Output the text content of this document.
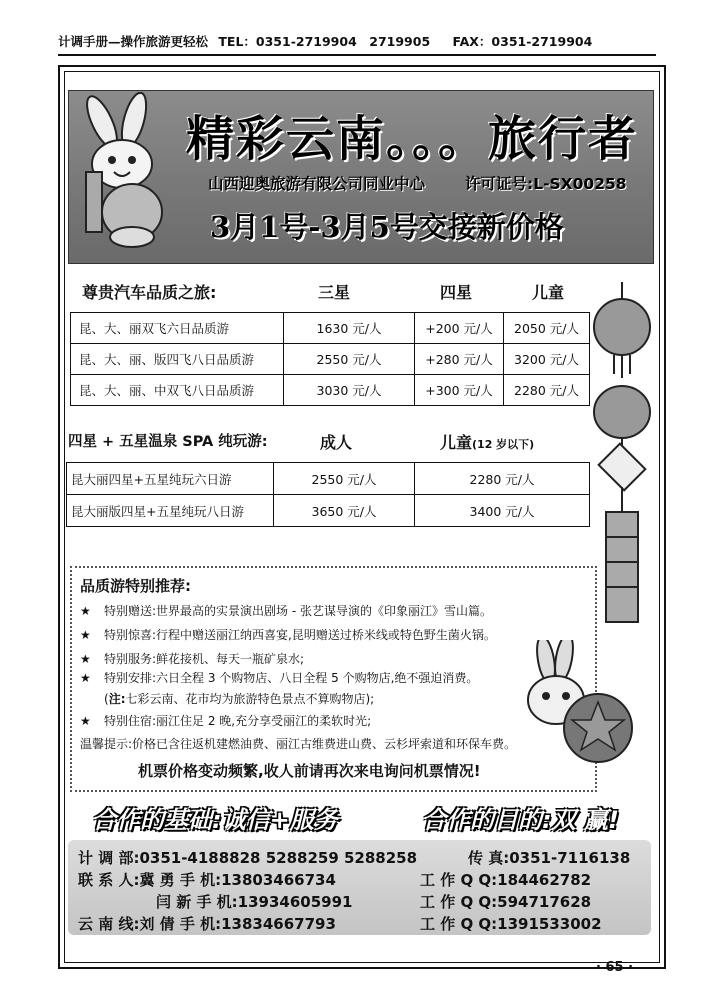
计调手册—操作旅游更轻松 TEL：0351-2719904　2719905 FAX：0351-2719904
精彩云南。。。旅行者
山西迎奥旅游有限公司同业中心	许可证号:L-SX00258
3月1号-3月5号交接新价格
尊贵汽车品质之旅:	三星	四星	儿童
昆、大、丽双飞六日品质游	1630 元/人	+200 元/人	2050 元/人
昆、大、丽、版四飞八日品质游	2550 元/人	+280 元/人	3200 元/人
昆、大、丽、中双飞八日品质游	3030 元/人	+300 元/人	2280 元/人
四星 + 五星温泉 SPA 纯玩游:	成人	儿童(12 岁以下)
昆大丽四星+五星纯玩六日游	2550 元/人	2280 元/人
昆大丽版四星+五星纯玩八日游	3650 元/人	3400 元/人
品质游特别推荐:
★ 特别赠送:世界最高的实景演出剧场 - 张艺谋导演的《印象丽江》雪山篇。
★ 特别惊喜:行程中赠送丽江纳西喜宴,昆明赠送过桥米线或特色野生菌火锅。
★ 特别服务:鲜花接机、每天一瓶矿泉水;
★ 特别安排:六日全程 3 个购物店、八日全程 5 个购物店,绝不强迫消费。
(注:七彩云南、花市均为旅游特色景点不算购物店);
★ 特别住宿:丽江住足 2 晚,充分享受丽江的柔软时光;
温馨提示:价格已含往返机建燃油费、丽江古维费进山费、云杉坪索道和环保车费。
机票价格变动频繁,收人前请再次来电询问机票情况!
合作的基础:诚信+服务	合作的目的:双 赢!
计 调 部:0351-4188828 5288259 5288258	传 真:0351-7116138
联 系 人:冀 勇 手 机:13803466734	工 作 Q Q:184462782
闫 新 手 机:13934605991	工 作 Q Q:594717628
云 南 线:刘 倩 手 机:13834667793	工 作 Q Q:1391533002
· 65 ·
